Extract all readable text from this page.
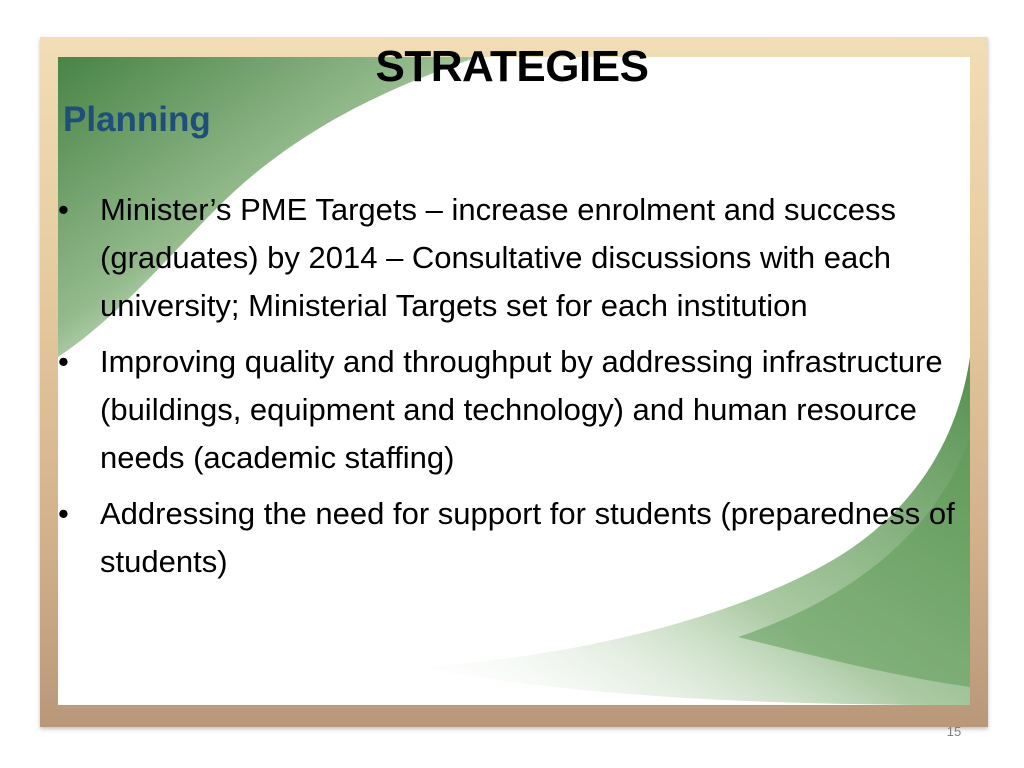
STRATEGIES
Planning
• Minister’s PME Targets – increase enrolment and success (graduates) by 2014 – Consultative discussions with each university; Ministerial Targets set for each institution
• Improving quality and throughput by addressing infrastructure (buildings, equipment and technology) and human resource needs (academic staffing)
• Addressing the need for support for students (preparedness of students)
15
